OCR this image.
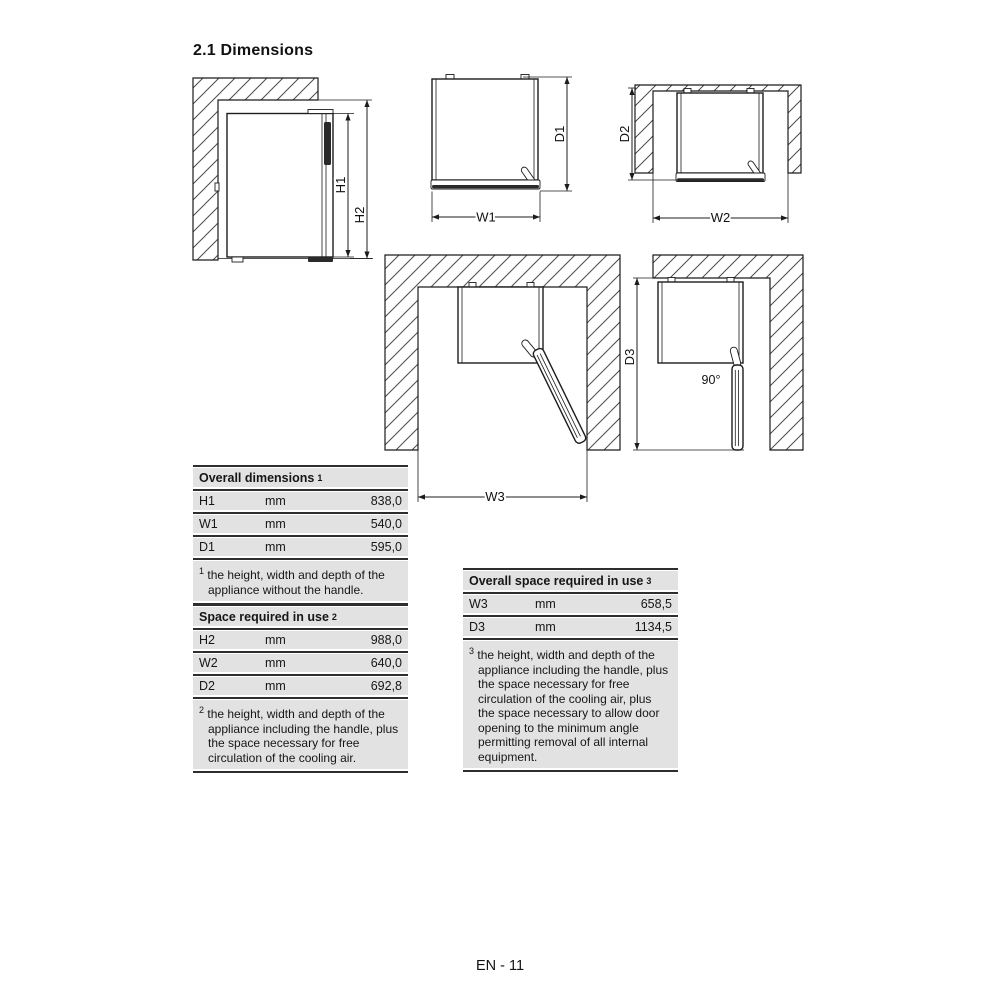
2.1 Dimensions
H1
H2
D1
W1
D2
W2
W3
90°
D3
Overall dimensions 1
H1	mm	838,0
W1	mm	540,0
D1	mm	595,0
$^1$ the height, width and depth of the appliance without the handle.
Space required in use 2
H2	mm	988,0
W2	mm	640,0
D2	mm	692,8
$^2$ the height, width and depth of the appliance including the handle, plus the space necessary for free circulation of the cooling air.
Overall space required in use 3
W3	mm	658,5
D3	mm	1134,5
$^3$ the height, width and depth of the appliance including the handle, plus the space necessary for free circulation of the cooling air, plus the space necessary to allow door opening to the minimum angle permitting removal of all internal equipment.
EN - 11
